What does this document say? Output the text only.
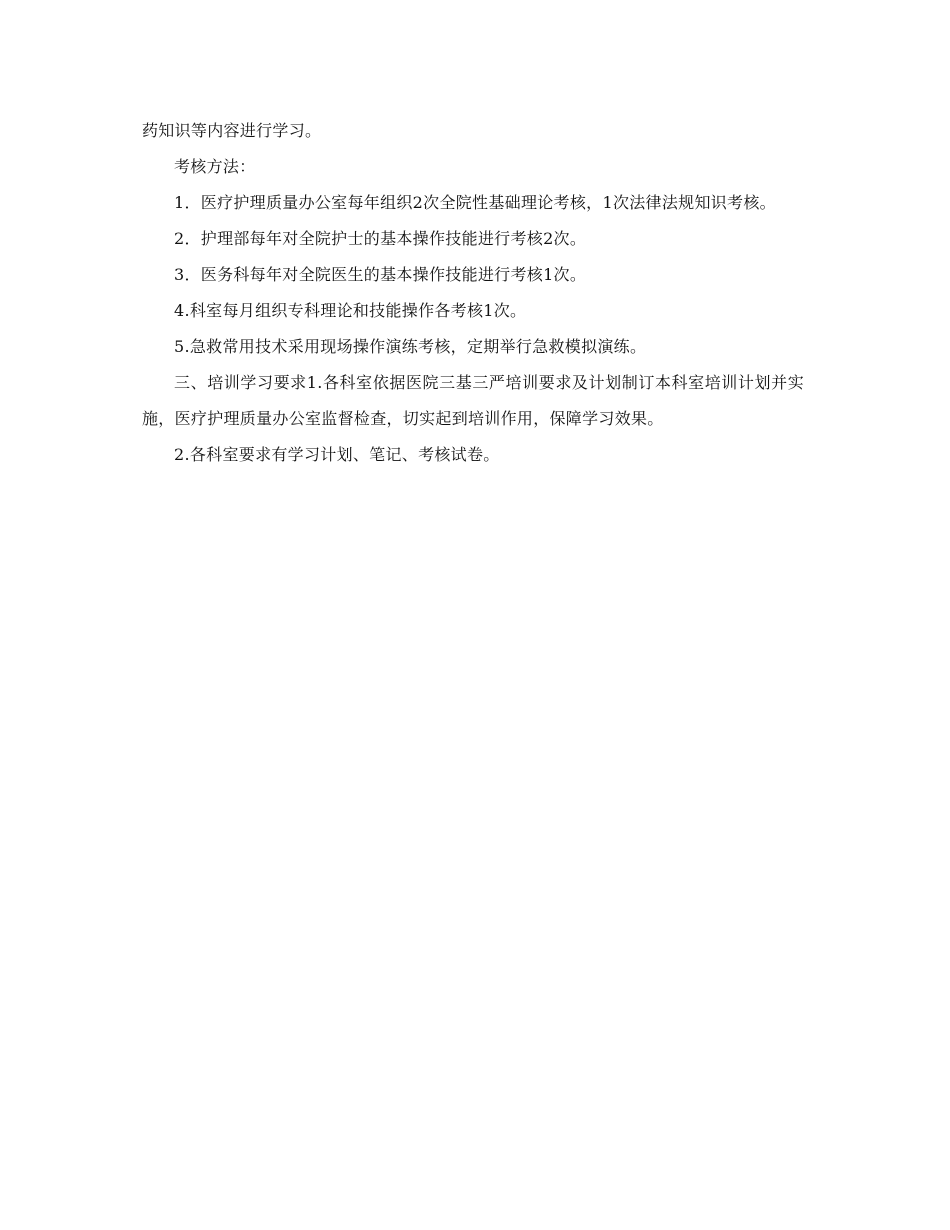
药知识等内容进行学习。

考核方法：

1．医疗护理质量办公室每年组织2次全院性基础理论考核，1次法律法规知识考核。

2．护理部每年对全院护士的基本操作技能进行考核2次。

3．医务科每年对全院医生的基本操作技能进行考核1次。

4.科室每月组织专科理论和技能操作各考核1次。

5.急救常用技术采用现场操作演练考核，定期举行急救模拟演练。

三、培训学习要求1.各科室依据医院三基三严培训要求及计划制订本科室培训计划并实施，医疗护理质量办公室监督检查，切实起到培训作用，保障学习效果。

2.各科室要求有学习计划、笔记、考核试卷。
